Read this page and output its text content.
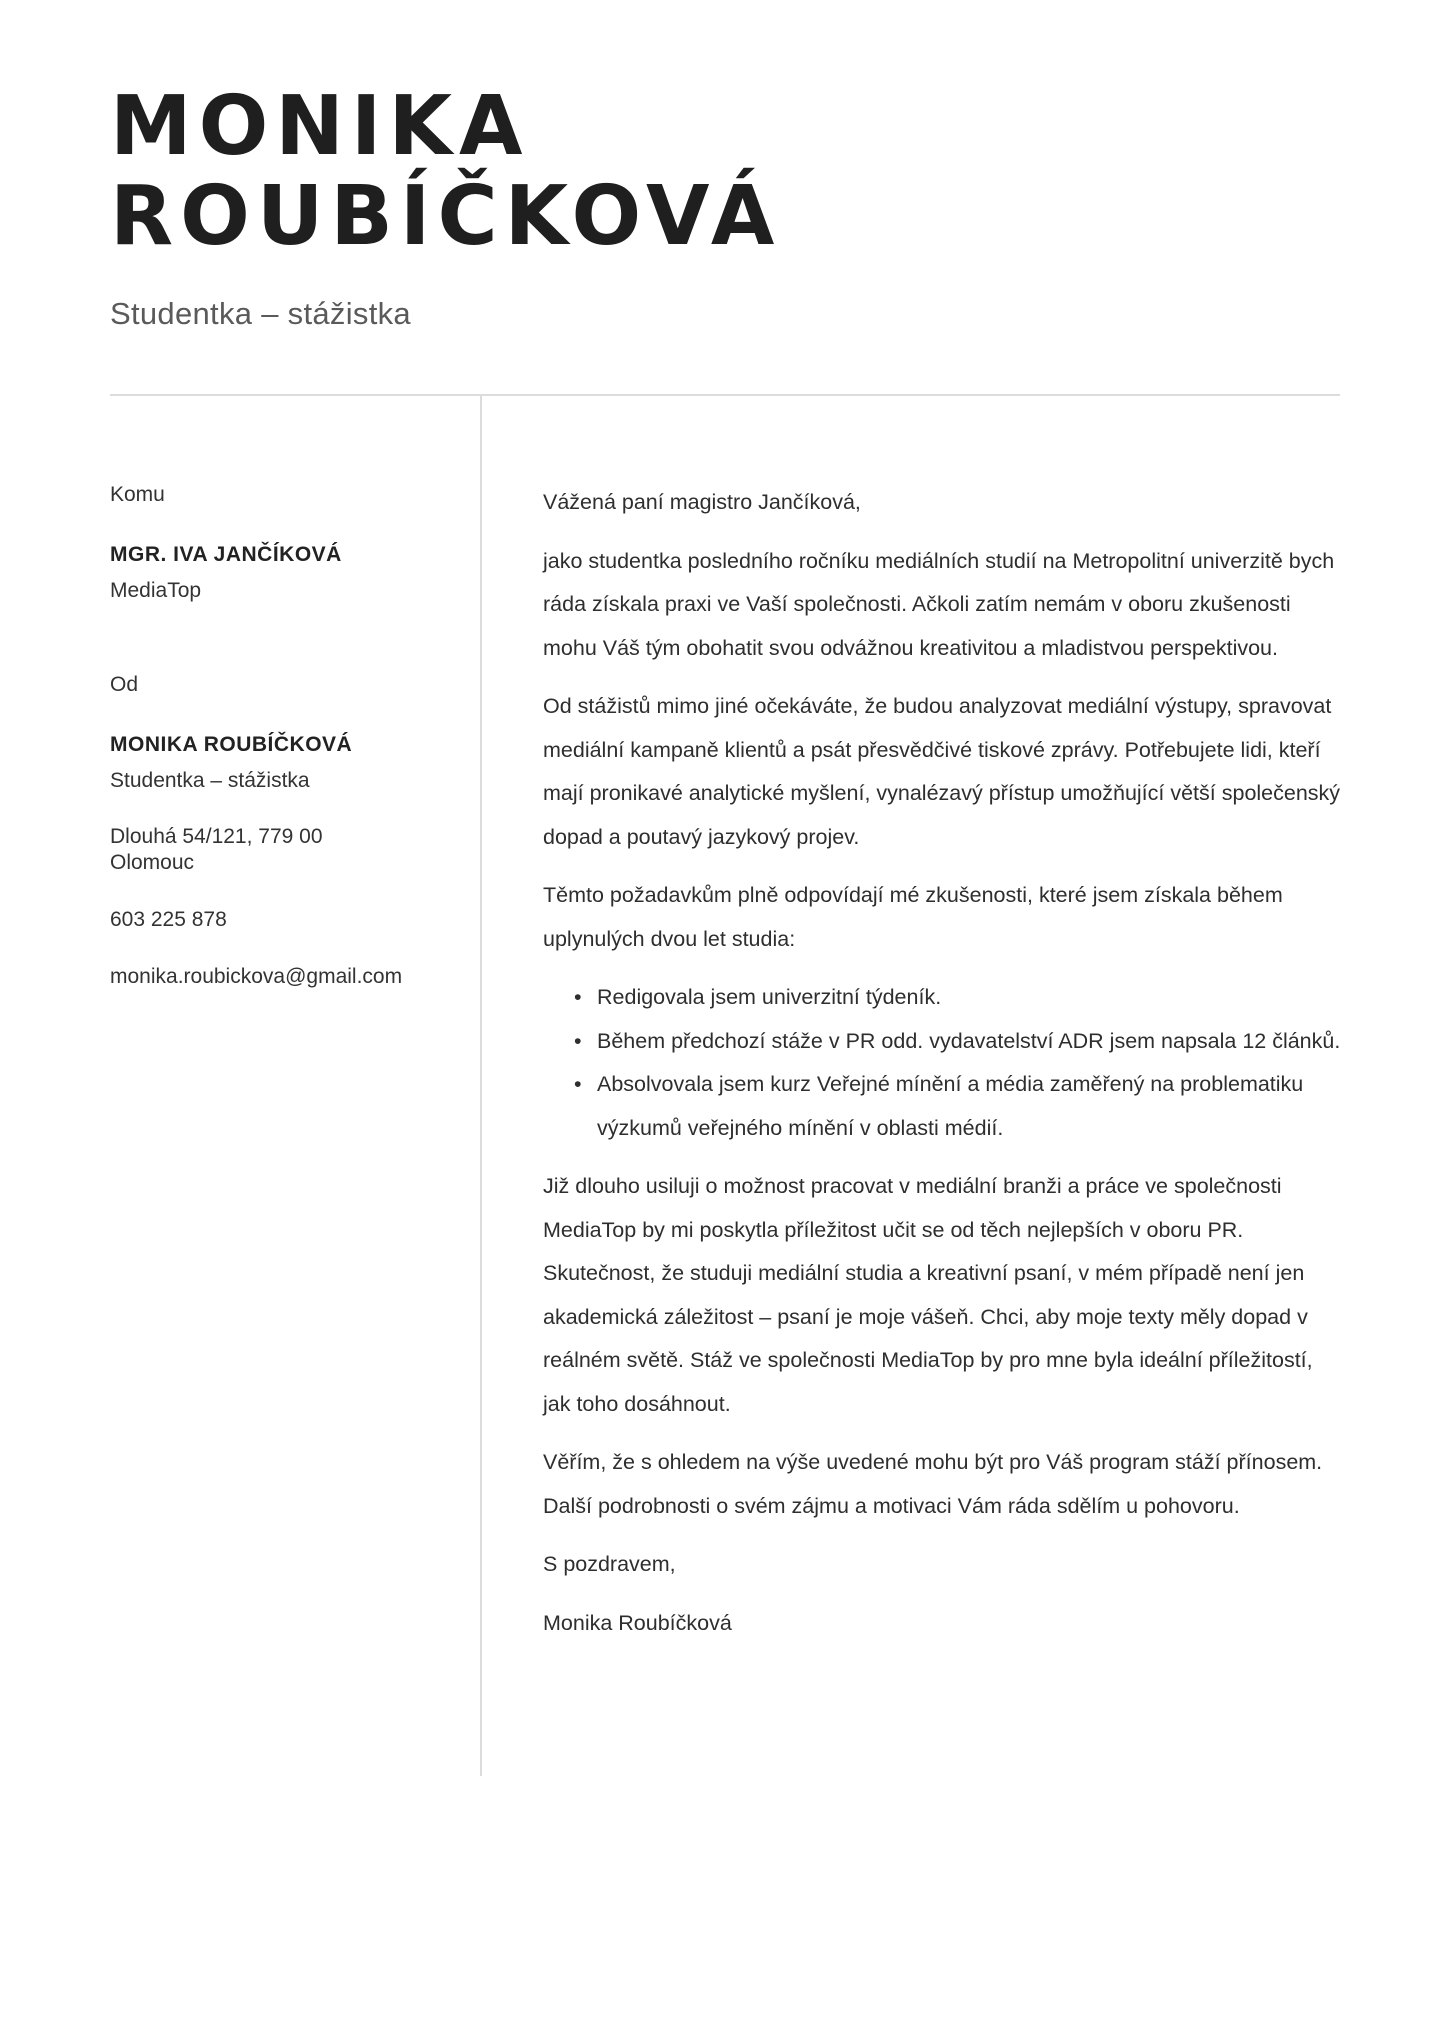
MONIKA
ROUBÍČKOVÁ
Studentka – stážistka
Komu
MGR. IVA JANČÍKOVÁ
MediaTop
Od
MONIKA ROUBÍČKOVÁ
Studentka – stážistka
Dlouhá 54/121, 779 00 Olomouc
603 225 878
monika.roubickova@gmail.com

Vážená paní magistro Jančíková,

jako studentka posledního ročníku mediálních studií na Metropolitní univerzitě bych ráda získala praxi ve Vaší společnosti. Ačkoli zatím nemám v oboru zkušenosti mohu Váš tým obohatit svou odvážnou kreativitou a mladistvou perspektivou.

Od stážistů mimo jiné očekáváte, že budou analyzovat mediální výstupy, spravovat mediální kampaně klientů a psát přesvědčivé tiskové zprávy. Potřebujete lidi, kteří mají pronikavé analytické myšlení, vynalézavý přístup umožňující větší společenský dopad a poutavý jazykový projev.

Těmto požadavkům plně odpovídají mé zkušenosti, které jsem získala během uplynulých dvou let studia:

• Redigovala jsem univerzitní týdeník.
• Během předchozí stáže v PR odd. vydavatelství ADR jsem napsala 12 článků.
• Absolvovala jsem kurz Veřejné mínění a média zaměřený na problematiku výzkumů veřejného mínění v oblasti médií.

Již dlouho usiluji o možnost pracovat v mediální branži a práce ve společnosti MediaTop by mi poskytla příležitost učit se od těch nejlepších v oboru PR. Skutečnost, že studuji mediální studia a kreativní psaní, v mém případě není jen akademická záležitost – psaní je moje vášeň. Chci, aby moje texty měly dopad v reálném světě. Stáž ve společnosti MediaTop by pro mne byla ideální příležitostí, jak toho dosáhnout.

Věřím, že s ohledem na výše uvedené mohu být pro Váš program stáží přínosem. Další podrobnosti o svém zájmu a motivaci Vám ráda sdělím u pohovoru.

S pozdravem,

Monika Roubíčková
